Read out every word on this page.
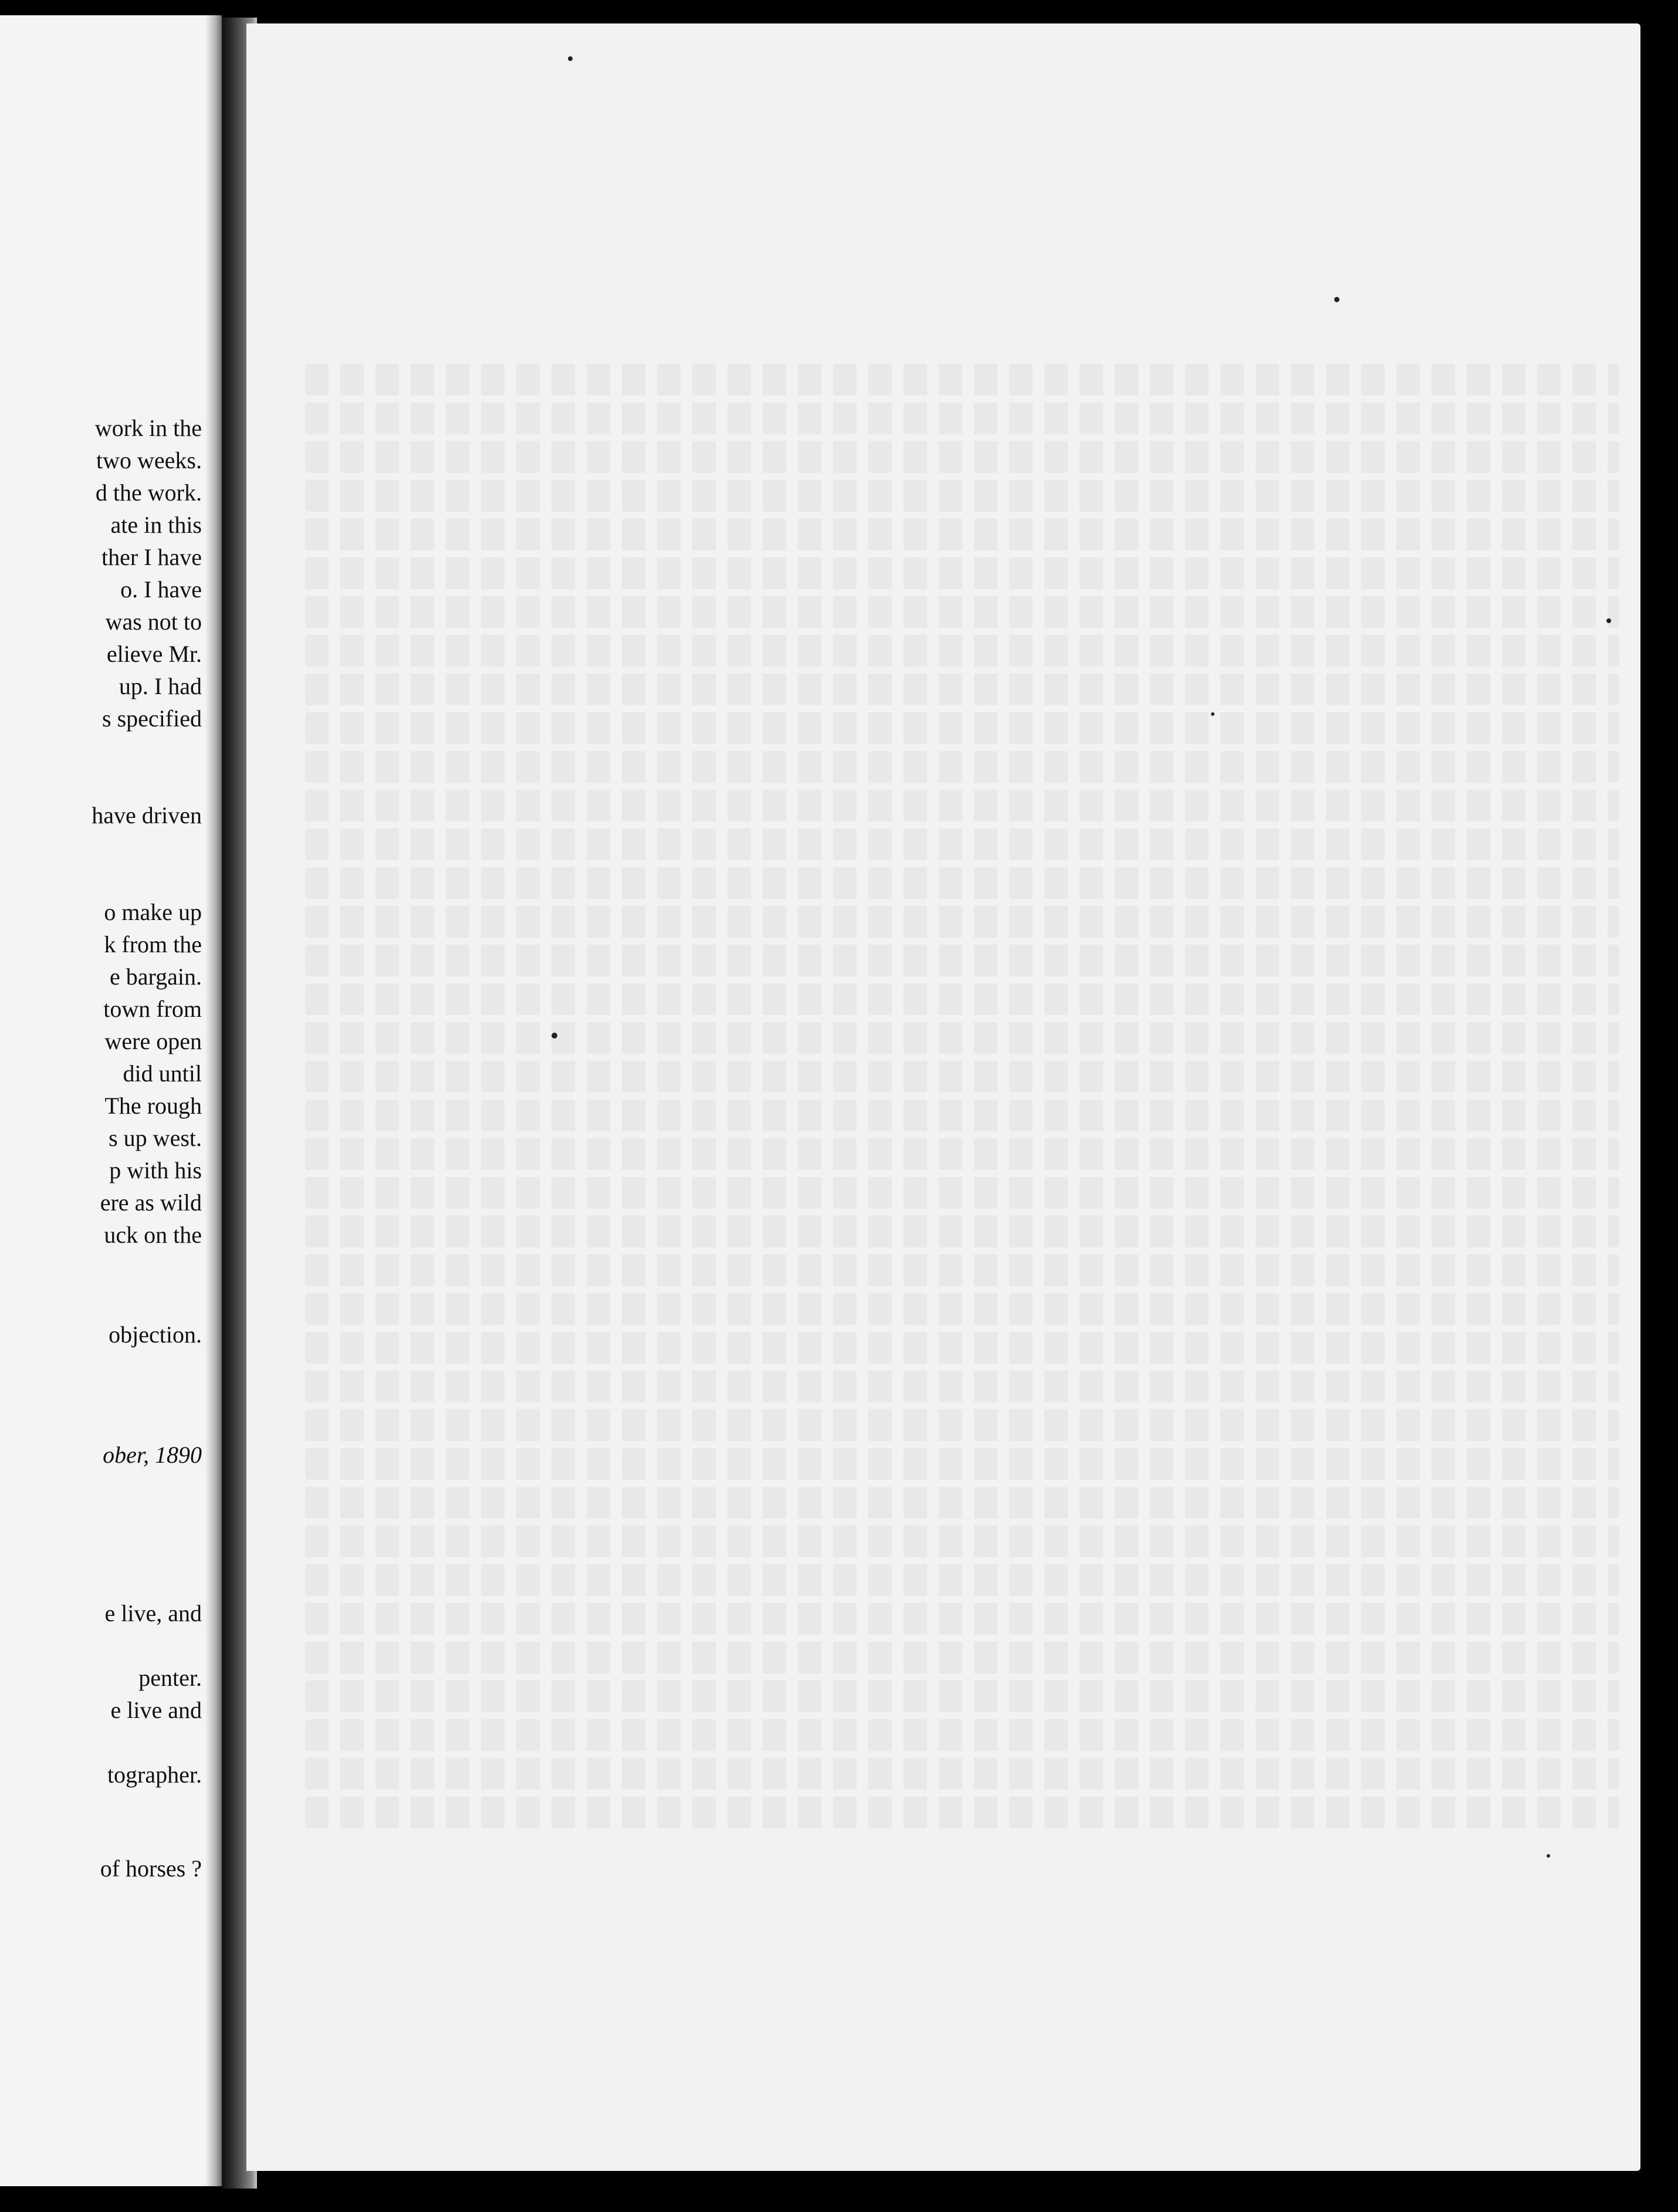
work in the
two weeks.
d the work.
ate in this
ther I have
o. I have
was not to
elieve Mr.
up. I had
s specified
have driven
o make up
k from the
e bargain.
town from
were open
did until
The rough
s up west.
p with his
ere as wild
uck on the
objection.
ober, 1890
e live, and
penter.
e live and
tographer.
of horses ?
